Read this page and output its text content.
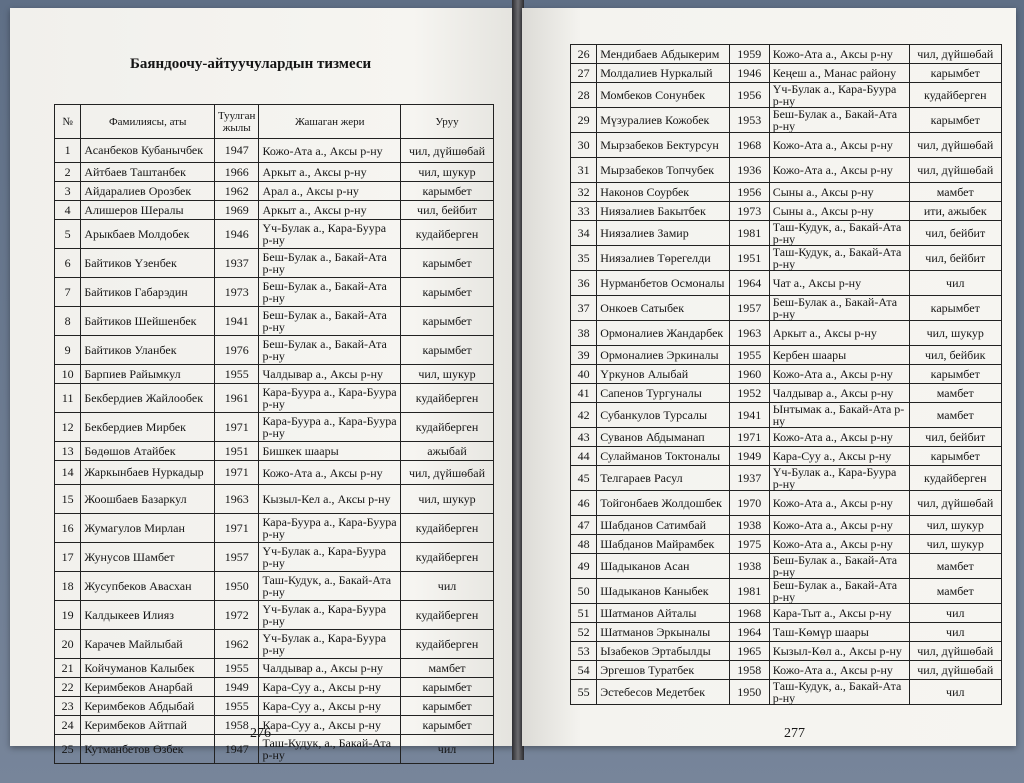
Баяндоочу-айтуучулардын тизмеси
№	Фамилиясы, аты	Туулган жылы	Жашаган жери	Уруу
1	Асанбеков Кубанычбек	1947	Кожо-Ата а., Аксы р-ну	чил, дүйшөбай
2	Айтбаев Таштанбек	1966	Аркыт а., Аксы р-ну	чил, шукур
3	Айдаралиев Орозбек	1962	Арал а., Аксы р-ну	карымбет
4	Алишеров Шералы	1969	Аркыт а., Аксы р-ну	чил, бейбит
5	Арыкбаев Молдобек	1946	Үч-Булак а., Кара-Буура р-ну	кудайберген
6	Байтиков Үзенбек	1937	Беш-Булак а., Бакай-Ата р-ну	карымбет
7	Байтиков Габарэдин	1973	Беш-Булак а., Бакай-Ата р-ну	карымбет
8	Байтиков Шейшенбек	1941	Беш-Булак а., Бакай-Ата р-ну	карымбет
9	Байтиков Уланбек	1976	Беш-Булак а., Бакай-Ата р-ну	карымбет
10	Барпиев Райымкул	1955	Чалдывар а., Аксы р-ну	чил, шукур
11	Бекбердиев Жайлообек	1961	Кара-Буура а., Кара-Буура р-ну	кудайберген
12	Бекбердиев Мирбек	1971	Кара-Буура а., Кара-Буура р-ну	кудайберген
13	Бөдөшов Атайбек	1951	Бишкек шаары	ажыбай
14	Жаркынбаев Нуркадыр	1971	Кожо-Ата а., Аксы р-ну	чил, дүйшөбай
15	Жоошбаев Базаркул	1963	Кызыл-Кел а., Аксы р-ну	чил, шукур
16	Жумагулов Мирлан	1971	Кара-Буура а., Кара-Буура р-ну	кудайберген
17	Жунусов Шамбет	1957	Үч-Булак а., Кара-Буура р-ну	кудайберген
18	Жусупбеков Авасхан	1950	Таш-Кудук, а., Бакай-Ата р-ну	чил
19	Калдыкеев Илияз	1972	Үч-Булак а., Кара-Буура р-ну	кудайберген
20	Карачев Майлыбай	1962	Үч-Булак а., Кара-Буура р-ну	кудайберген
21	Койчуманов Калыбек	1955	Чалдывар а., Аксы р-ну	мамбет
22	Керимбеков Анарбай	1949	Кара-Суу а., Аксы р-ну	карымбет
23	Керимбеков Абдыбай	1955	Кара-Суу а., Аксы р-ну	карымбет
24	Керимбеков Айтпай	1958	Кара-Суу а., Аксы р-ну	карымбет
25	Кутманбетов Өзбек	1947	Таш-Кудук, а., Бакай-Ата р-ну	чил
276
26	Мендибаев Абдыкерим	1959	Кожо-Ата а., Аксы р-ну	чил, дүйшөбай
27	Молдалиев Нуркалый	1946	Кеңеш а., Манас району	карымбет
28	Момбеков Сонунбек	1956	Үч-Булак а., Кара-Буура р-ну	кудайберген
29	Мүзуралиев Кожобек	1953	Беш-Булак а., Бакай-Ата р-ну	карымбет
30	Мырзабеков Бектурсун	1968	Кожо-Ата а., Аксы р-ну	чил, дүйшөбай
31	Мырзабеков Топчубек	1936	Кожо-Ата а., Аксы р-ну	чил, дүйшөбай
32	Наконов Соурбек	1956	Сыны а., Аксы р-ну	мамбет
33	Ниязалиев Бакытбек	1973	Сыны а., Аксы р-ну	ити, ажыбек
34	Ниязалиев Замир	1981	Таш-Кудук, а., Бакай-Ата р-ну	чил, бейбит
35	Ниязалиев Төрегелди	1951	Таш-Кудук, а., Бакай-Ата р-ну	чил, бейбит
36	Нурманбетов Осмоналы	1964	Чат а., Аксы р-ну	чил
37	Онкоев Сатыбек	1957	Беш-Булак а., Бакай-Ата р-ну	карымбет
38	Ормоналиев Жандарбек	1963	Аркыт а., Аксы р-ну	чил, шукур
39	Ормоналиев Эркиналы	1955	Кербен шаары	чил, бейбик
40	Үркунов Алыбай	1960	Кожо-Ата а., Аксы р-ну	карымбет
41	Сапенов Тургуналы	1952	Чалдывар а., Аксы р-ну	мамбет
42	Субанкулов Турсалы	1941	Ынтымак а., Бакай-Ата р-ну	мамбет
43	Суванов Абдыманап	1971	Кожо-Ата а., Аксы р-ну	чил, бейбит
44	Сулайманов Токтоналы	1949	Кара-Суу а., Аксы р-ну	карымбет
45	Телгараев Расул	1937	Үч-Булак а., Кара-Буура р-ну	кудайберген
46	Тойгонбаев Жолдошбек	1970	Кожо-Ата а., Аксы р-ну	чил, дүйшөбай
47	Шабданов Сатимбай	1938	Кожо-Ата а., Аксы р-ну	чил, шукур
48	Шабданов Майрамбек	1975	Кожо-Ата а., Аксы р-ну	чил, шукур
49	Шадыканов Асан	1938	Беш-Булак а., Бакай-Ата р-ну	мамбет
50	Шадыканов Каныбек	1981	Беш-Булак а., Бакай-Ата р-ну	мамбет
51	Шатманов Айталы	1968	Кара-Тыт а., Аксы р-ну	чил
52	Шатманов Эркыналы	1964	Таш-Көмүр шаары	чил
53	Ызабеков Эртабылды	1965	Кызыл-Көл а., Аксы р-ну	чил, дүйшөбай
54	Эргешов Туратбек	1958	Кожо-Ата а., Аксы р-ну	чил, дүйшөбай
55	Эстебесов Медетбек	1950	Таш-Кудук, а., Бакай-Ата р-ну	чил
277
